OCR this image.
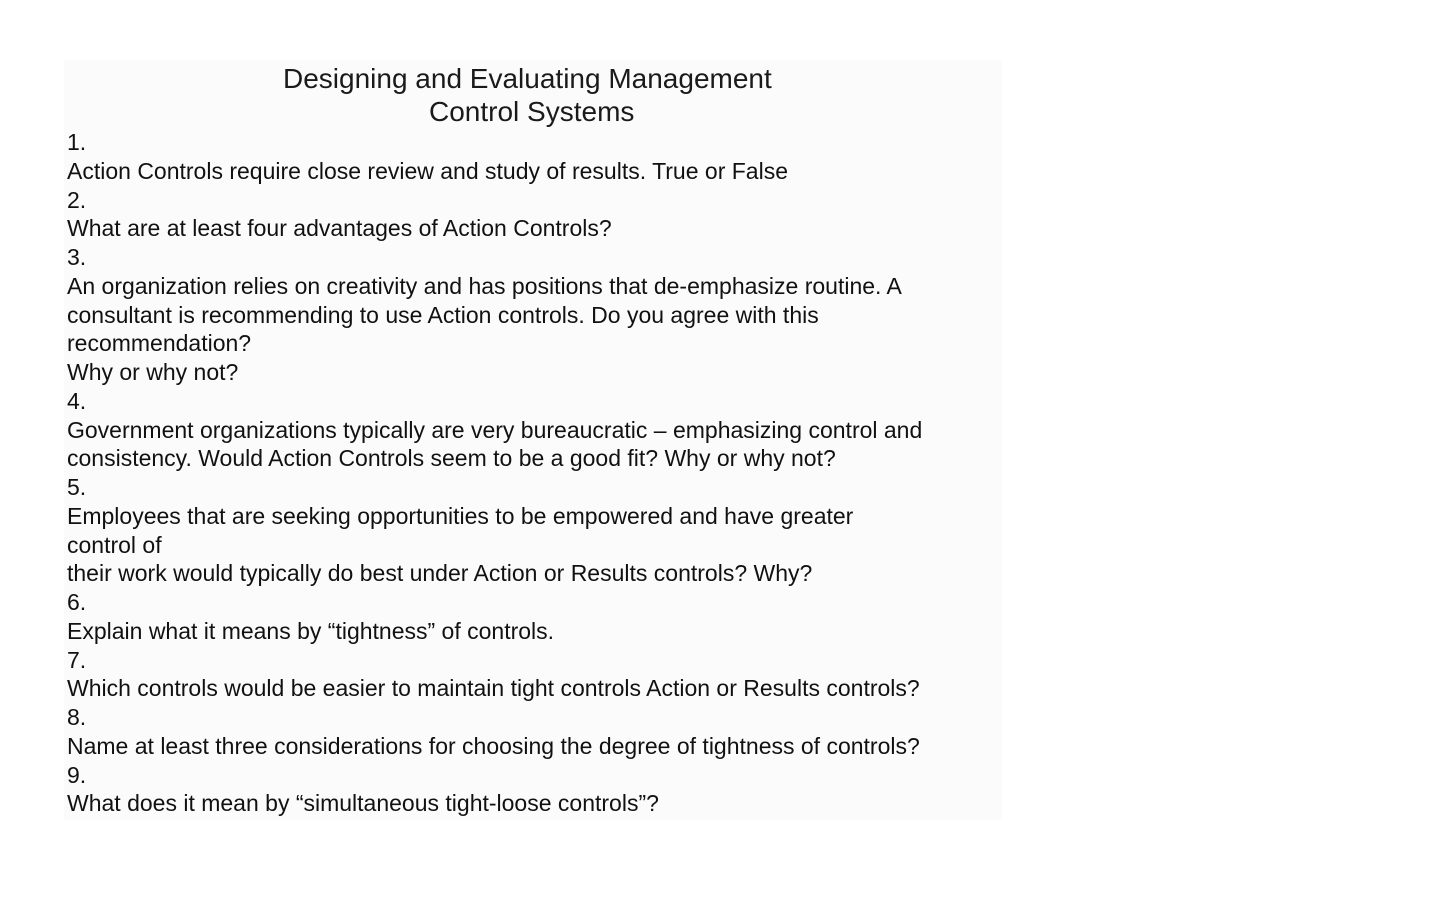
Designing and Evaluating Management
Control Systems
1.
Action Controls require close review and study of results. True or False
2.
What are at least four advantages of Action Controls?
3.
An organization relies on creativity and has positions that de-emphasize routine. A
consultant is recommending to use Action controls. Do you agree with this
recommendation?
Why or why not?
4.
Government organizations typically are very bureaucratic – emphasizing control and
consistency. Would Action Controls seem to be a good fit? Why or why not?
5.
Employees that are seeking opportunities to be empowered and have greater
control of
their work would typically do best under Action or Results controls? Why?
6.
Explain what it means by “tightness” of controls.
7.
Which controls would be easier to maintain tight controls Action or Results controls?
8.
Name at least three considerations for choosing the degree of tightness of controls?
9.
What does it mean by “simultaneous tight-loose controls”?
